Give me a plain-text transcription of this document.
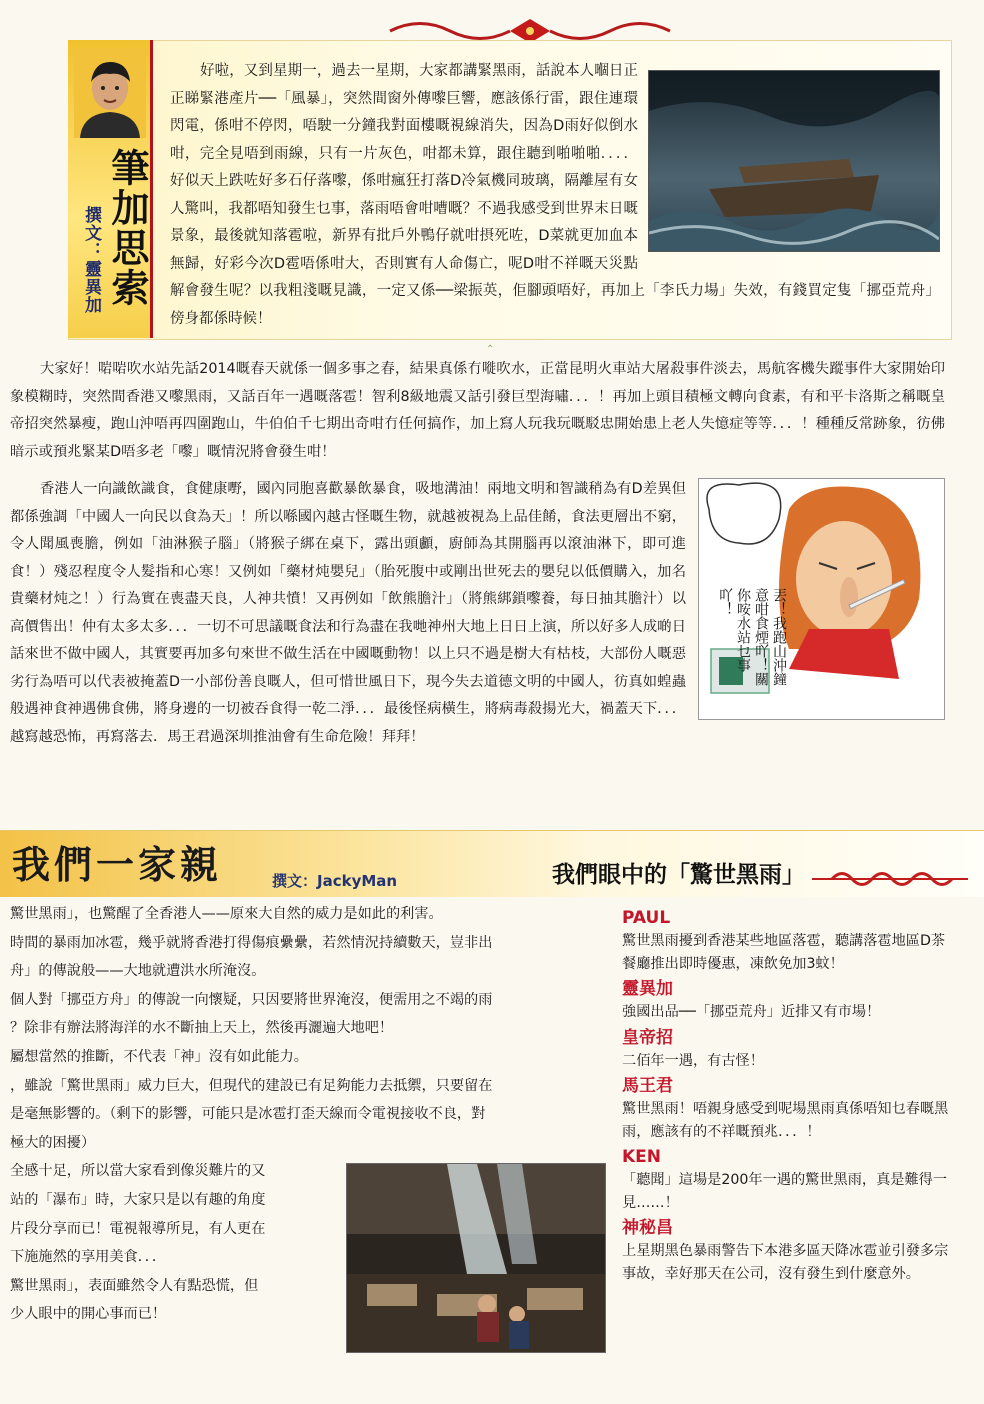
筆加思索
撰文：靈異加
好啦，又到星期一，過去一星期，大家都講緊黑雨，話說本人嗰日正正睇緊港產片──「風暴」，突然間窗外傳嚟巨響，應該係行雷，跟住連環閃電，係咁不停閃，唔駛一分鐘我對面樓嘅視線消失，因為D雨好似倒水咁，完全見唔到雨線，只有一片灰色，咁都未算，跟住聽到啪啪啪．．．．好似天上跌咗好多石仔落嚟，係咁瘋狂打落D冷氣機同玻璃，隔離屋有女人驚叫，我都唔知發生乜事，落雨唔會咁嘈嘅？不過我感受到世界末日嘅景象，最後就知落雹啦，新界有批戶外鴨仔就咁摂死咗，D菜就更加血本無歸，好彩今次D雹唔係咁大，否則實有人命傷亡，呢D咁不祥嘅天災點解會發生呢？以我粗淺嘅見識，一定又係──梁振英，佢腳頭唔好，再加上「李氏力場」失效，有錢買定隻「挪亞荒舟」傍身都係時候！
⌃

大家好！啱啱吹水站先話2014嘅春天就係一個多事之春，結果真係冇嘥吹水，正當昆明火車站大屠殺事件淡去，馬航客機失蹤事件大家開始印象模糊時，突然間香港又嚟黑雨，又話百年一遇嘅落雹！智利8級地震又話引發巨型海嘯．．．！再加上頭目積極文轉向食素，有和平卡洛斯之稱嘅皇帝招突然暴瘦，跑山沖唔再四圍跑山，牛伯伯千七期出奇咁冇任何搞作，加上寫人玩我玩嘅駁忠開始患上老人失憶症等等．．．！種種反常跡象，彷佛暗示或預兆緊某D唔多老「嚟」嘅情況將會發生咁！

香港人一向識飲識食，食健康嘢，國內同胞喜歡暴飲暴食，吸地溝油！兩地文明和智識稍為有D差異但都係強調「中國人一向民以食為天」！所以喺國內越古怪嘅生物，就越被視為上品佳餚，食法更層出不窮，令人聞風喪膽，例如「油淋猴子腦」（將猴子綁在桌下，露出頭顱，廚師為其開腦再以滾油淋下，即可進食！）殘忍程度令人髮指和心寒！又例如「藥材炖嬰兒」（胎死腹中或剛出世死去的嬰兒以低價購入，加名貴藥材炖之！）行為實在喪盡天良，人神共憤！又再例如「飲熊膽汁」（將熊綁鎖嚟養，每日抽其膽汁）以高價售出！仲有太多太多．．．一切不可思議嘅食法和行為盡在我哋神州大地上日日上演，所以好多人成啲日話來世不做中國人，其實要再加多句來世不做生活在中國嘅動物！以上只不過是樹大有枯枝，大部份人嘅惡劣行為唔可以代表被掩蓋D一小部份善良嘅人，但可惜世風日下，現今失去道德文明的中國人，彷真如蝗蟲般遇神食神遇佛食佛，將身邊的一切被吞食得一乾二淨．．．最後怪病橫生，將病毒殺揚光大，禍蓋天下．．．越寫越恐怖，再寫落去．馬王君過深圳推油會有生命危險！拜拜！

丟！我跑山沖鐘意咁食煙吖！關你咹水站乜事吖！
我們一家親	撰文：JackyMan	我們眼中的「驚世黑雨」

驚世黑雨」，也驚醒了全香港人——原來大自然的威力是如此的利害。

時間的暴雨加冰雹，幾乎就將香港打得傷痕纍纍，若然情況持續數天，豈非出

舟」的傳說般——大地就遭洪水所淹沒。

個人對「挪亞方舟」的傳說一向懷疑，只因要將世界淹沒，便需用之不竭的雨

？除非有辦法將海洋的水不斷抽上天上，然後再灑遍大地吧！

屬想當然的推斷，不代表「神」沒有如此能力。

，雖說「驚世黑雨」威力巨大，但現代的建設已有足夠能力去抵禦，只要留在

是毫無影響的。（剩下的影響，可能只是冰雹打歪天線而令電視接收不良，對

極大的困擾）

全感十足，所以當大家看到像災難片的又

站的「瀑布」時，大家只是以有趣的角度

片段分享而已！電視報導所見，有人更在

下施施然的享用美食．．．

驚世黑雨」，表面雖然令人有點恐慌，但

少人眼中的開心事而已！

PAUL

驚世黑雨擾到香港某些地區落雹，聽講落雹地區D茶餐廳推出即時優惠，凍飲免加3蚊！

靈異加

強國出品──「挪亞荒舟」近排又有市場！

皇帝招

二佰年一遇，有古怪！

馬王君

驚世黑雨！唔親身感受到呢場黑雨真係唔知乜春嘅黑雨，應該有的不祥嘅預兆．．．！

KEN

「聽聞」這場是200年一遇的驚世黑雨，真是難得一見……！

神秘昌

上星期黑色暴雨警告下本港多區天降冰雹並引發多宗事故，幸好那天在公司，沒有發生到什麼意外。
